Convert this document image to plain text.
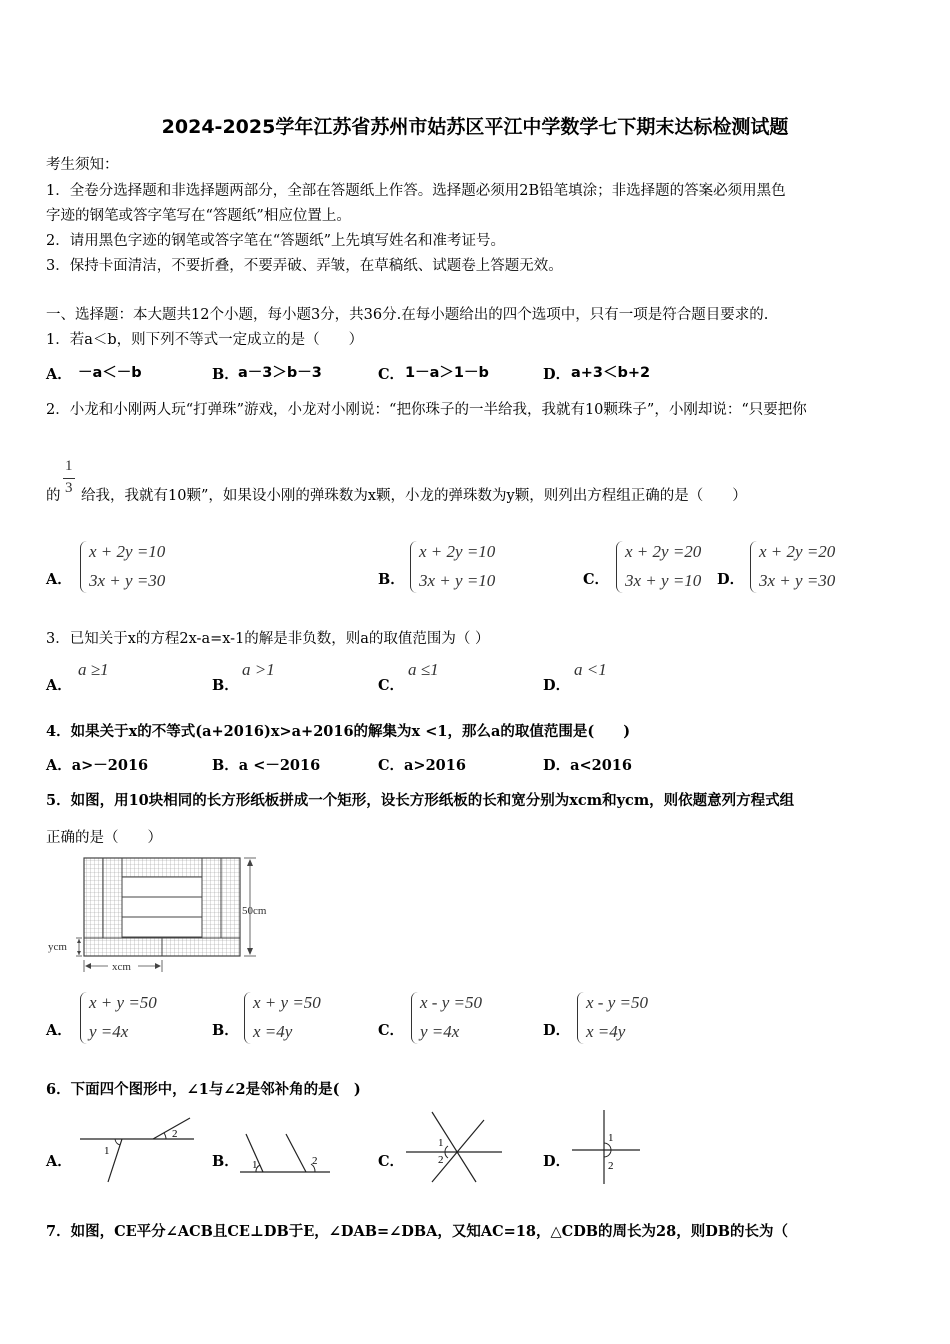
2024-2025学年江苏省苏州市姑苏区平江中学数学七下期末达标检测试题
考生须知：
1．全卷分选择题和非选择题两部分，全部在答题纸上作答。选择题必须用2B铅笔填涂；非选择题的答案必须用黑色
字迹的钢笔或答字笔写在“答题纸”相应位置上。
2．请用黑色字迹的钢笔或答字笔在“答题纸”上先填写姓名和准考证号。
3．保持卡面清洁，不要折叠，不要弄破、弄皱，在草稿纸、试题卷上答题无效。
一、选择题：本大题共12个小题，每小题3分，共36分.在每小题给出的四个选项中，只有一项是符合题目要求的.
1．若a＜b，则下列不等式一定成立的是（　　）
A． －a＜－b	B． a－3＞b－3	C． 1－a＞1－b	D． a+3＜b+2
2．小龙和小刚两人玩“打弹珠”游戏，小龙对小刚说：“把你珠子的一半给我，我就有10颗珠子”，小刚却说：“只要把你
的
1
3 给我，我就有10颗”，如果设小刚的弹珠数为x颗，小龙的弹珠数为y颗，则列出方程组正确的是（　　）
A．
x + 2y =10
3x + y =30	B．
x + 2y =10
3x + y =10	C．
x + 2y =20
3x + y =10 D．
x + 2y =20
3x + y =30
3．已知关于x的方程2x-a=x-1的解是非负数，则a的取值范围为（ ）
A．
a ≥1
B．
a >1
C．
a ≤1
D．
a <1
4．如果关于x的不等式(a+2016)x>a+2016的解集为x <1，那么a的取值范围是(　　)
A．a>－2016	B．a <－2016	C．a>2016	D．a<2016
5．如图，用10块相同的长方形纸板拼成一个矩形，设长方形纸板的长和宽分别为xcm和ycm，则依题意列方程式组
正确的是（　　）
50cm
ycm
xcm
A．
x + y =50
y =4x	B．
x + y =50
x =4y	C．
x - y =50
y =4x	D．
x - y =50
x =4y
6．下面四个图形中，∠1与∠2是邻补角的是(　)
A．
1
2
B． 1	2	C．
1
2	D．
1
2
7．如图，CE平分∠ACB且CE⊥DB于E，∠DAB=∠DBA，又知AC=18，△CDB的周长为28，则DB的长为（
